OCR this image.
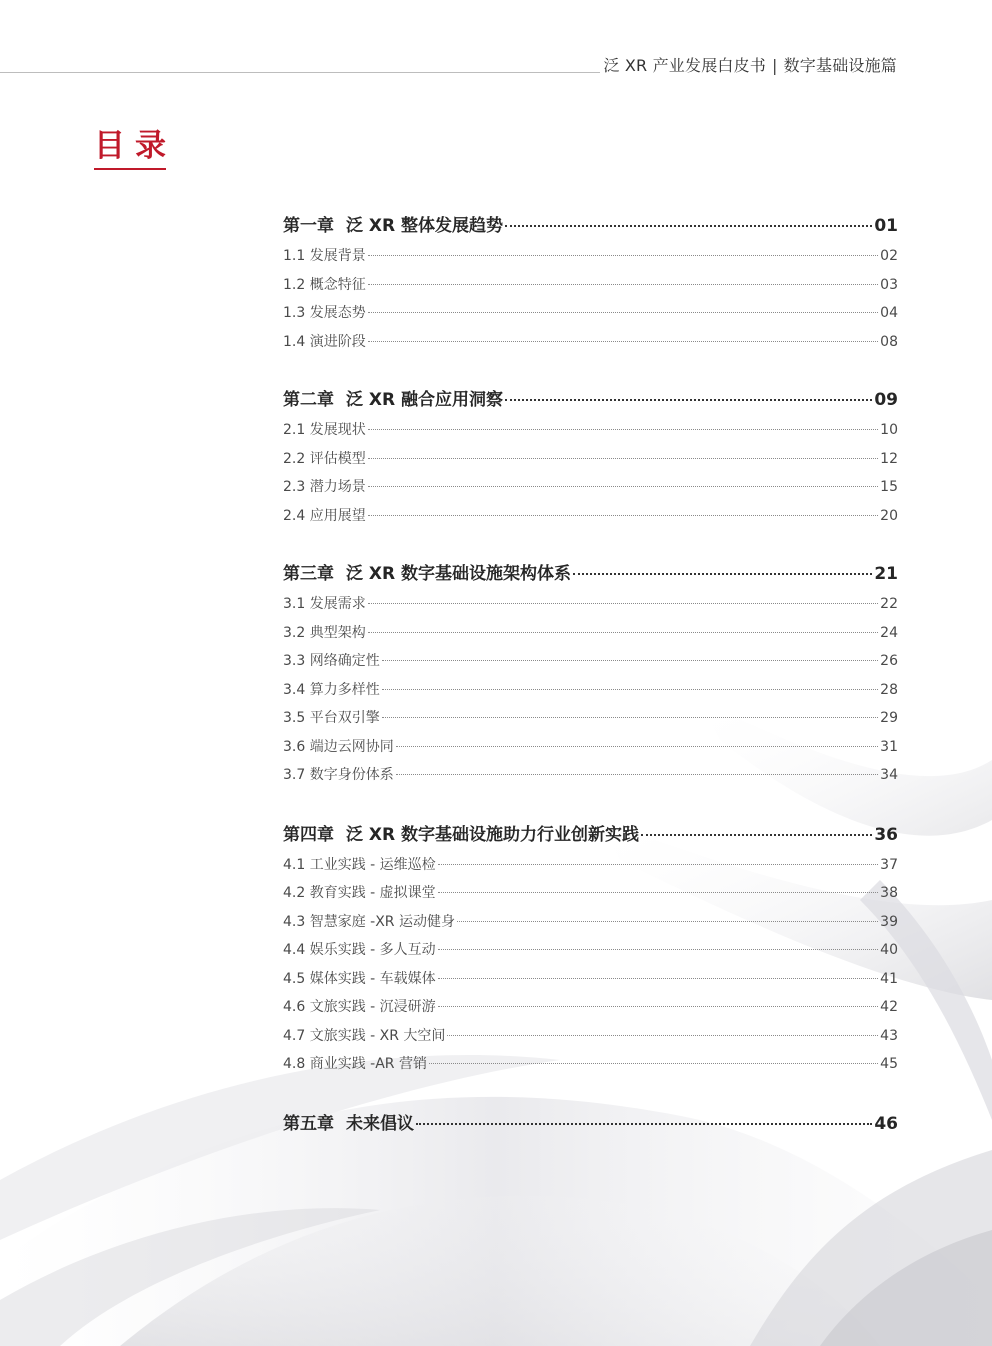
泛 XR 产业发展白皮书 | 数字基础设施篇
目录
第一章 泛 XR 整体发展趋势	01
1.1 发展背景	02
1.2 概念特征	03
1.3 发展态势	04
1.4 演进阶段	08
第二章 泛 XR 融合应用洞察	09
2.1 发展现状	10
2.2 评估模型	12
2.3 潜力场景	15
2.4 应用展望	20
第三章 泛 XR 数字基础设施架构体系	21
3.1 发展需求	22
3.2 典型架构	24
3.3 网络确定性	26
3.4 算力多样性	28
3.5 平台双引擎	29
3.6 端边云网协同	31
3.7 数字身份体系	34
第四章 泛 XR 数字基础设施助力行业创新实践	36
4.1 工业实践 - 运维巡检	37
4.2 教育实践 - 虚拟课堂	38
4.3 智慧家庭 -XR 运动健身	39
4.4 娱乐实践 - 多人互动	40
4.5 媒体实践 - 车载媒体	41
4.6 文旅实践 - 沉浸研游	42
4.7 文旅实践 - XR 大空间	43
4.8 商业实践 -AR 营销	45
第五章 未来倡议	46
